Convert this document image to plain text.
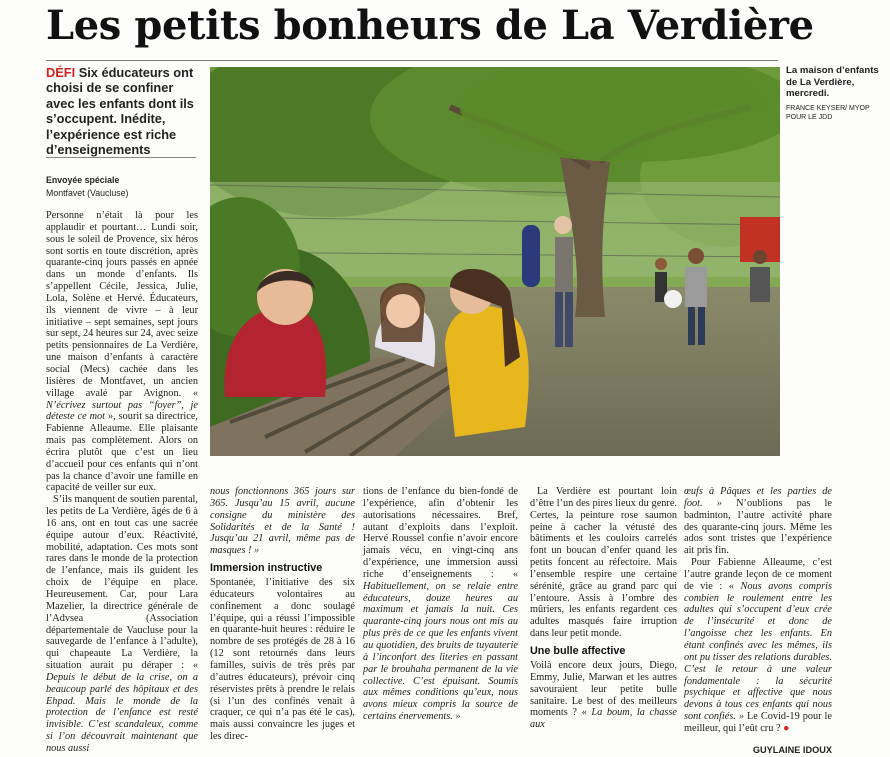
Les petits bonheurs de La Verdière
DÉFI Six éducateurs ont choisi de se confiner avec les enfants dont ils s’occupent. Inédite, l’expérience est riche d’enseignements
Envoyée spéciale
Montfavet (Vaucluse)

Personne n’était là pour les applaudir et pourtant… Lundi soir, sous le soleil de Provence, six héros sont sortis en toute discrétion, après quarante-cinq jours passés en apnée dans un monde d’enfants. Ils s’appellent Cécile, Jessica, Julie, Lola, Solène et Hervé. Éducateurs, ils viennent de vivre – à leur initiative – sept semaines, sept jours sur sept, 24 heures sur 24, avec seize petits pensionnaires de La Verdière, une maison d’enfants à caractère social (Mecs) cachée dans les lisières de Montfavet, un ancien village avalé par Avignon. « N’écrivez surtout pas “foyer”, je déteste ce mot », sourit sa directrice, Fabienne Alleaume. Elle plaisante mais pas complètement. Alors on écrira plutôt que c’est un lieu d’accueil pour ces enfants qui n’ont pas la chance d’avoir une famille en capacité de veiller sur eux.

S’ils manquent de soutien parental, les petits de La Verdière, âgés de 6 à 16 ans, ont en tout cas une sacrée équipe autour d’eux. Réactivité, mobilité, adaptation. Ces mots sont rares dans le monde de la protection de l’enfance, mais ils guident les choix de l’équipe en place. Heureusement. Car, pour Lara Mazelier, la directrice générale de l’Advsea (Association départementale de Vaucluse pour la sauvegarde de l’enfance à l’adulte), qui chapeaute La Verdière, la situation aurait pu déraper : « Depuis le début de la crise, on a beaucoup parlé des hôpitaux et des Ehpad. Mais le monde de la protection de l’enfance est resté invisible. C’est scandaleux, comme si l’on découvrait maintenant que nous aussi

La maison d’enfants de La Verdière, mercredi.
FRANCE KEYSER/ MYOP POUR LE JDD

nous fonctionnons 365 jours sur 365. Jusqu’au 15 avril, aucune consigne du ministère des Solidarités et de la Santé ! Jusqu’au 21 avril, même pas de masques ! »

Immersion instructive

Spontanée, l’initiative des six éducateurs volontaires au confinement a donc soulagé l’équipe, qui a réussi l’impossible en quarante-huit heures : réduire le nombre de ses protégés de 28 à 16 (12 sont retournés dans leurs familles, suivis de très près par d’autres éducateurs), prévoir cinq réservistes prêts à prendre le relais (si l’un des confinés venait à craquer, ce qui n’a pas été le cas), mais aussi convaincre les juges et les direc-

tions de l’enfance du bien-fondé de l’expérience, afin d’obtenir les autorisations nécessaires. Bref, autant d’exploits dans l’exploit. Hervé Roussel confie n’avoir encore jamais vécu, en vingt-cinq ans d’expérience, une immersion aussi riche d’enseignements : « Habituellement, on se relaie entre éducateurs, douze heures au maximum et jamais la nuit. Ces quarante-cinq jours nous ont mis au plus près de ce que les enfants vivent au quotidien, des bruits de tuyauterie à l’inconfort des literies en passant par le brouhaha permanent de la vie collective. C’est épuisant. Soumis aux mêmes conditions qu’eux, nous avons mieux compris la source de certains énervements. »

La Verdière est pourtant loin d’être l’un des pires lieux du genre. Certes, la peinture rose saumon peine à cacher la vétusté des bâtiments et les couloirs carrelés font un boucan d’enfer quand les petits foncent au réfectoire. Mais l’ensemble respire une certaine sérénité, grâce au grand parc qui l’entoure. Assis à l’ombre des mûriers, les enfants regardent ces adultes masqués faire irruption dans leur petit monde.

Une bulle affective

Voilà encore deux jours, Diego, Emmy, Julie, Marwan et les autres savouraient leur petite bulle sanitaire. Le best of des meilleurs moments ? « La boum, la chasse aux

œufs à Pâques et les parties de foot. » N’oublions pas le badminton, l’autre activité phare des quarante-cinq jours. Même les ados sont tristes que l’expérience ait pris fin.

Pour Fabienne Alleaume, c’est l’autre grande leçon de ce moment de vie : « Nous avons compris combien le roulement entre les adultes qui s’occupent d’eux crée de l’insécurité et donc de l’angoisse chez les enfants. En étant confinés avec les mêmes, ils ont pu tisser des relations durables. C’est le retour à une valeur fondamentale : la sécurité psychique et affective que nous devons à tous ces enfants qui nous sont confiés. » Le Covid-19 pour le meilleur, qui l’eût cru ? ●

GUYLAINE IDOUX
